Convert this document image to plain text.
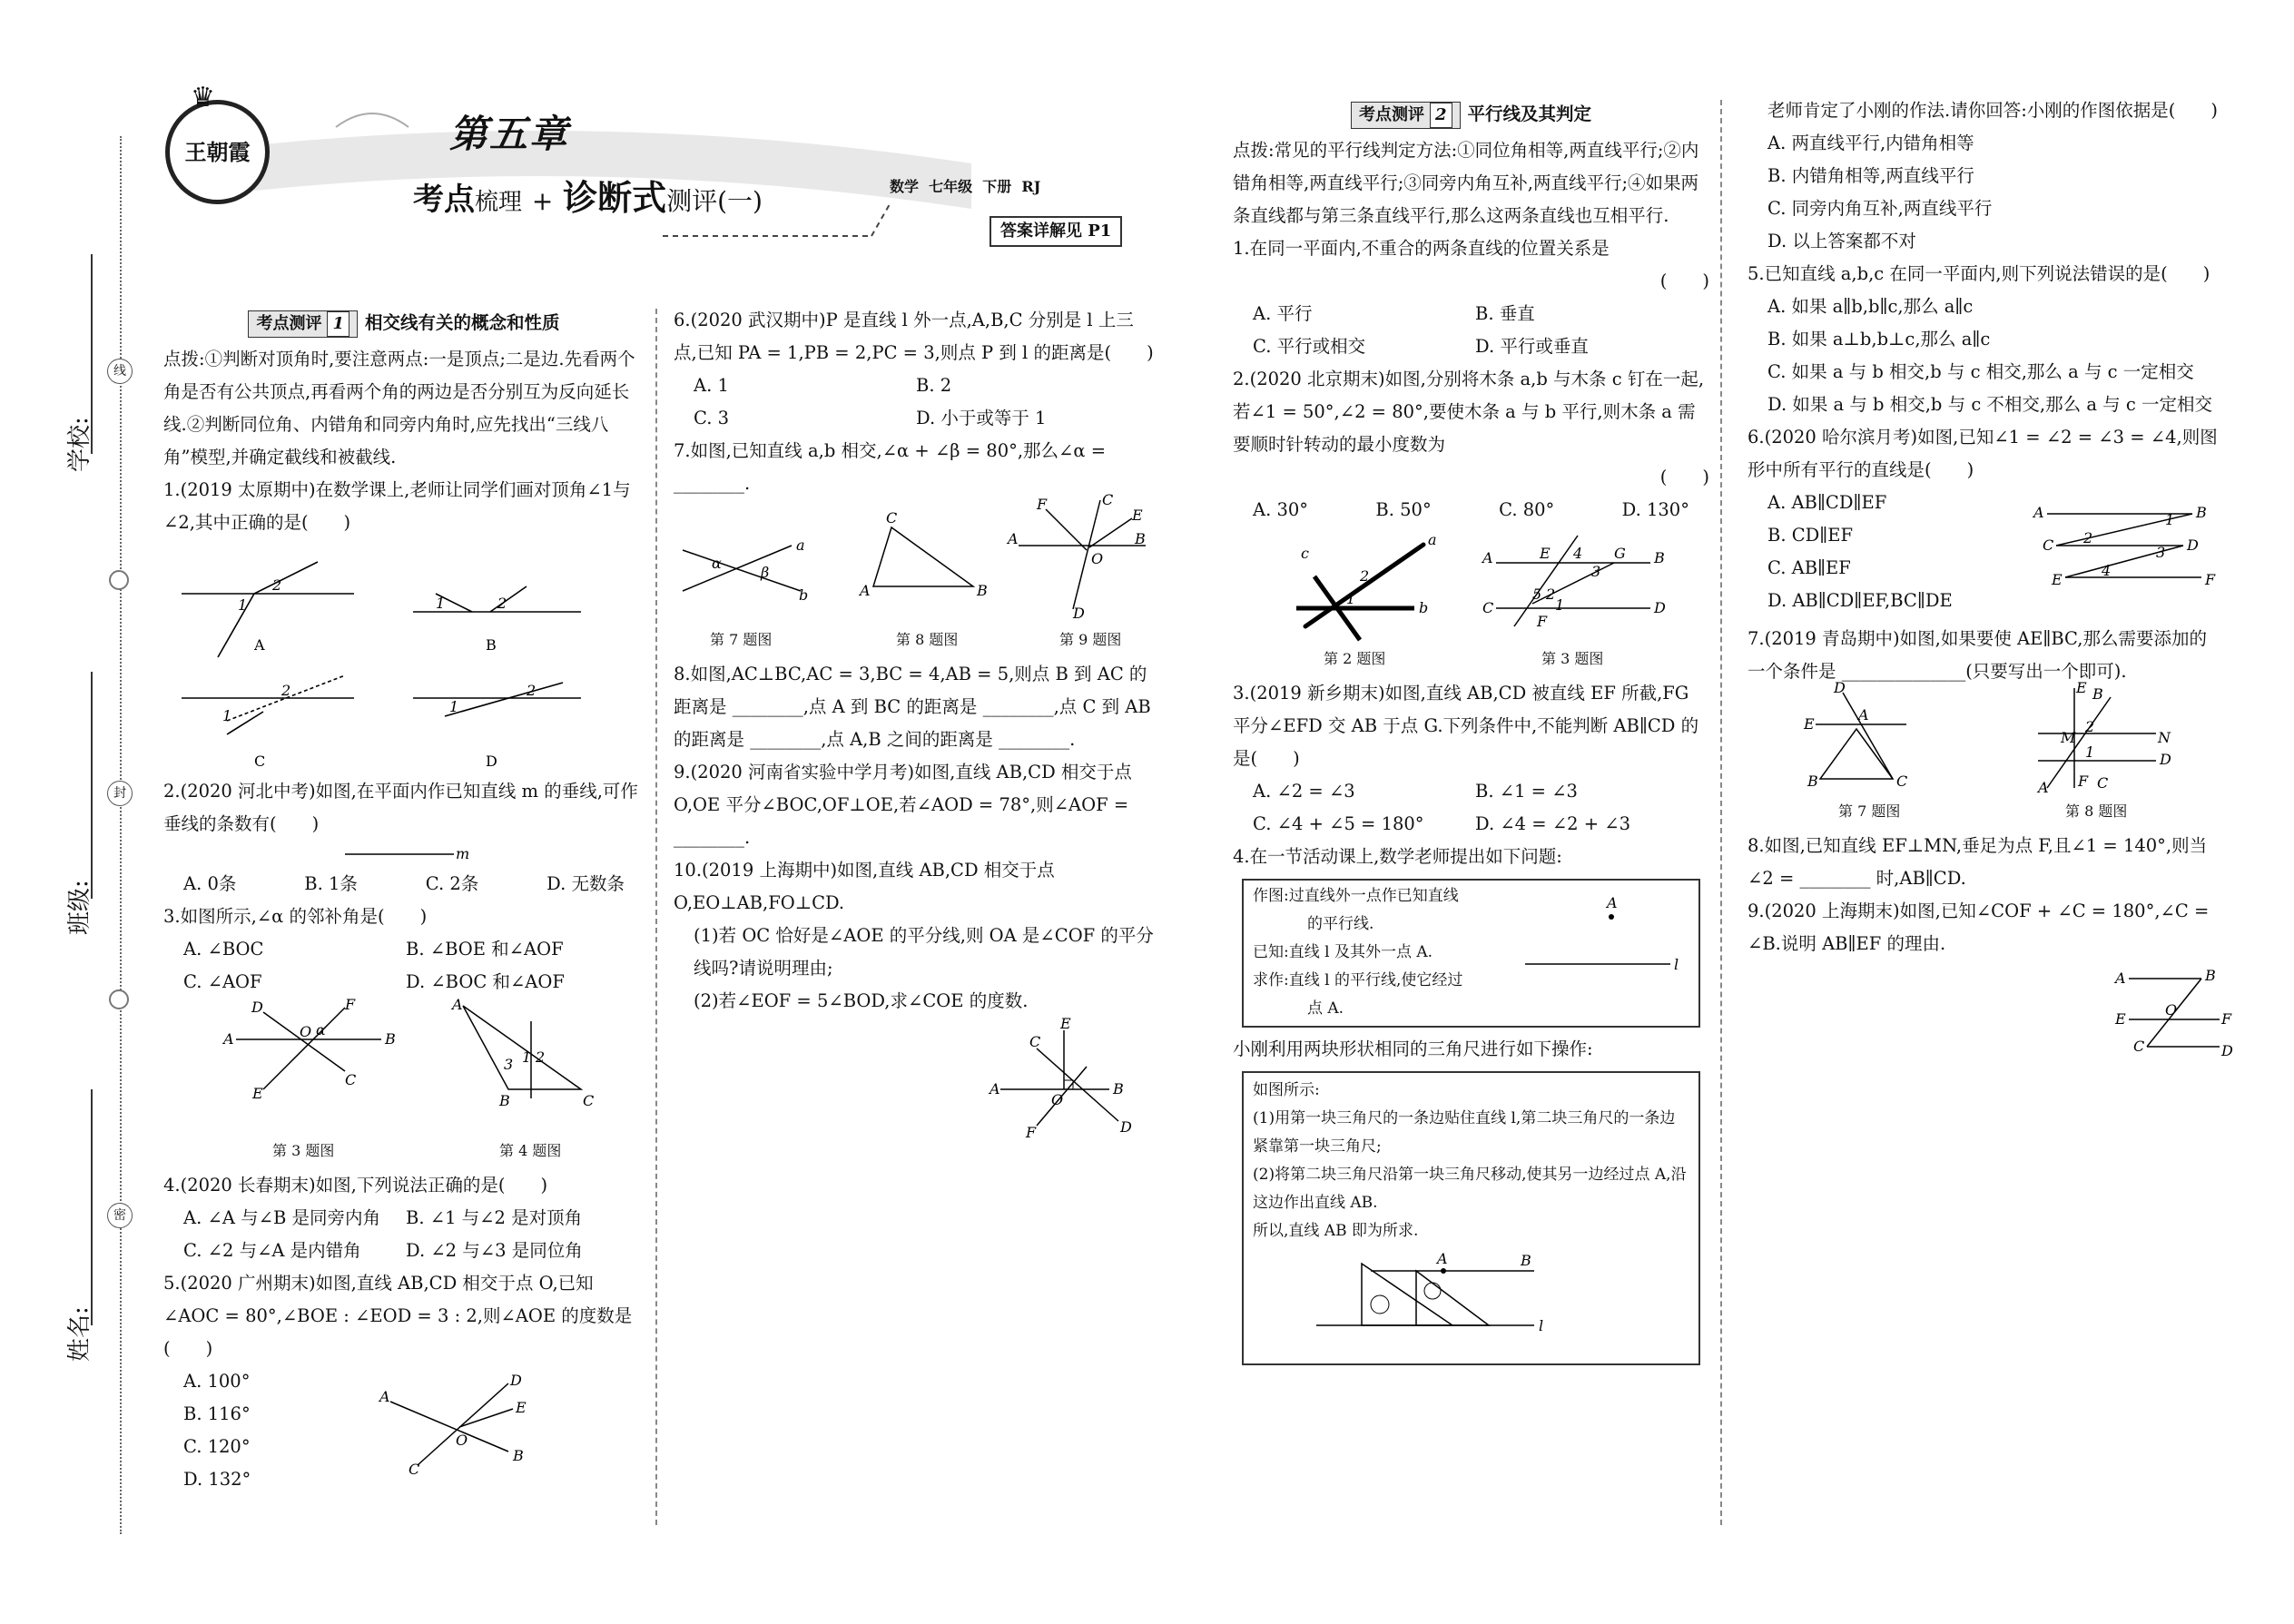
学校:
班级:
姓名:
线
封
密
王朝霞
♛
第五章
考点梳理 + 诊断式测评(一)	数学  七年级  下册  RJ
答案详解见 P1

考点测评 1 相交线有关的概念和性质

点拨:①判断对顶角时,要注意两点:一是顶点;二是边.先看两个角是否有公共顶点,再看两个角的两边是否分别互为反向延长线.②判断同位角、内错角和同旁内角时,应先找出“三线八角”模型,并确定截线和被截线.

1.(2019 太原期中)在数学课上,老师让同学们画对顶角∠1与∠2,其中正确的是(　　)

1
2
A
1	2
B
1
2
C
1
2
D

2.(2020 河北中考)如图,在平面内作已知直线 m 的垂线,可作垂线的条数有(　　)

m

A. 0条	B. 1条	C. 2条	D. 无数条

3.如图所示,∠α 的邻补角是(　　)

A. ∠BOC	B. ∠BOE 和∠AOF

C. ∠AOF	D. ∠BOC 和∠AOF

A	B
D	F
E
C
O α
A
B	C
3 1 2
第 3 题图	第 4 题图

4.(2020 长春期末)如图,下列说法正确的是(　　)

A. ∠A 与∠B 是同旁内角 B. ∠1 与∠2 是对顶角

C. ∠2 与∠A 是内错角	D. ∠2 与∠3 是同位角

5.(2020 广州期末)如图,直线 AB,CD 相交于点 O,已知∠AOC = 80°,∠BOE : ∠EOD = 3 : 2,则∠AOE 的度数是(　　)

A. 100°

B. 116°

C. 120°

D. 132°

A
B
D
E
C
O

6.(2020 武汉期中)P 是直线 l 外一点,A,B,C 分别是 l 上三点,已知 PA = 1,PB = 2,PC = 3,则点 P 到 l 的距离是(　　)

A. 1	B. 2

C. 3	D. 小于或等于 1

7.如图,已知直线 a,b 相交,∠α + ∠β = 80°,那么∠α = ________.

a
b
α
β
A	B
C
A	B
C
F
E
D
O
第 7 题图	第 8 题图	第 9 题图

8.如图,AC⊥BC,AC = 3,BC = 4,AB = 5,则点 B 到 AC 的距离是 ________,点 A 到 BC 的距离是 ________,点 C 到 AB 的距离是 ________,点 A,B 之间的距离是 ________.

9.(2020 河南省实验中学月考)如图,直线 AB,CD 相交于点 O,OE 平分∠BOC,OF⊥OE,若∠AOD = 78°,则∠AOF = ________.

10.(2019 上海期中)如图,直线 AB,CD 相交于点 O,EO⊥AB,FO⊥CD.

(1)若 OC 恰好是∠AOE 的平分线,则 OA 是∠COF 的平分线吗?请说明理由;

(2)若∠EOF = 5∠BOD,求∠COE 的度数.

A	B
C
E
D
F
O

考点测评 2 平行线及其判定

点拨:常见的平行线判定方法:①同位角相等,两直线平行;②内错角相等,两直线平行;③同旁内角互补,两直线平行;④如果两条直线都与第三条直线平行,那么这两条直线也互相平行.

1.在同一平面内,不重合的两条直线的位置关系是

(　　)

A. 平行	B. 垂直

C. 平行或相交	D. 平行或垂直

2.(2020 北京期末)如图,分别将木条 a,b 与木条 c 钉在一起,若∠1 = 50°,∠2 = 80°,要使木条 a 与 b 平行,则木条 a 需要顺时针转动的最小度数为

(　　)

A. 30°	B. 50°	C. 80°	D. 130°

a
b
c
1
2
A	B
C	D
E	G
F
4
3
5 2
1
第 2 题图	第 3 题图

3.(2019 新乡期末)如图,直线 AB,CD 被直线 EF 所截,FG 平分∠EFD 交 AB 于点 G.下列条件中,不能判断 AB∥CD 的是(　　)

A. ∠2 = ∠3	B. ∠1 = ∠3

C. ∠4 + ∠5 = 180°	D. ∠4 = ∠2 + ∠3

4.在一节活动课上,数学老师提出如下问题:

作图:过直线外一点作已知直线
的平行线.
已知:直线 l 及其外一点 A.
求作:直线 l 的平行线,使它经过
点 A.
A
l

小刚利用两块形状相同的三角尺进行如下操作:

如图所示:
(1)用第一块三角尺的一条边贴住直线 l,第二块三角尺的一条边紧靠第一块三角尺;
(2)将第二块三角尺沿第一块三角尺移动,使其另一边经过点 A,沿这边作出直线 AB.
所以,直线 AB 即为所求.
l
B
A

老师肯定了小刚的作法.请你回答:小刚的作图依据是(　　)

A. 两直线平行,内错角相等

B. 内错角相等,两直线平行

C. 同旁内角互补,两直线平行

D. 以上答案都不对

5.已知直线 a,b,c 在同一平面内,则下列说法错误的是(　　)

A. 如果 a∥b,b∥c,那么 a∥c

B. 如果 a⊥b,b⊥c,那么 a∥c

C. 如果 a 与 b 相交,b 与 c 相交,那么 a 与 c 一定相交

D. 如果 a 与 b 相交,b 与 c 不相交,那么 a 与 c 一定相交

6.(2020 哈尔滨月考)如图,已知∠1 = ∠2 = ∠3 = ∠4,则图形中所有平行的直线是(　　)

A. AB∥CD∥EF

B. CD∥EF

C. AB∥EF

D. AB∥CD∥EF,BC∥DE

A	B
C	D
E	F
1
2
3
4

7.(2019 青岛期中)如图,如果要使 AE∥BC,那么需要添加的一个条件是 ______________(只要写出一个即可).

D
E
A
B	C
M	N
E B
A	C
F
2
1	D
第 7 题图	第 8 题图

8.如图,已知直线 EF⊥MN,垂足为点 F,且∠1 = 140°,则当∠2 = ________ 时,AB∥CD.

9.(2020 上海期末)如图,已知∠COF + ∠C = 180°,∠C = ∠B.说明 AB∥EF 的理由.

A	B
E	F
C	D
O
